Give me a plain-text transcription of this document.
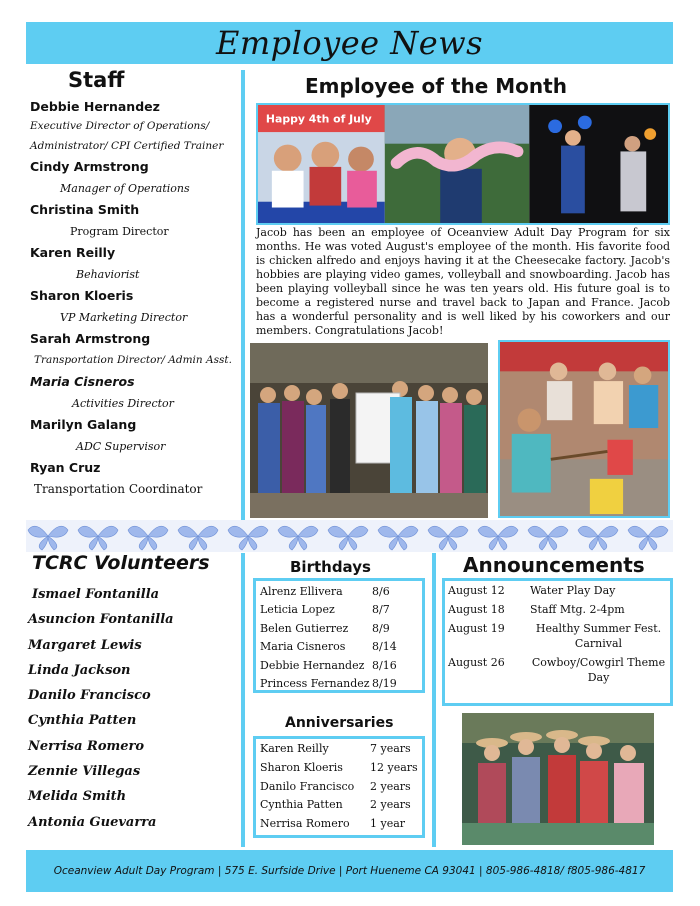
Employee News
Staff
Debbie Hernandez
Executive Director of Operations/ Administrator/ CPI Certified Trainer
Cindy Armstrong
Manager of Operations
Christina Smith
Program Director
Karen Reilly
Behaviorist
Sharon Kloeris
VP Marketing Director
Sarah Armstrong
Transportation Director/ Admin Asst.
Maria Cisneros
Activities Director
Marilyn Galang
ADC Supervisor
Ryan Cruz
Transportation Coordinator
Employee of the Month
Happy 4th of July
Jacob has been an employee of Oceanview Adult Day Program for six months. He was voted August's employee of the month. His favorite food is chicken alfredo and enjoys having it at the Cheesecake factory. Jacob's hobbies are playing video games, volleyball and snowboarding. Jacob has been playing volleyball since he was ten years old. His future goal is to become a registered nurse and travel back to Japan and France. Jacob has a wonderful personality and is well liked by his coworkers and our members. Congratulations Jacob!
TCRC Volunteers
Ismael Fontanilla
Asuncion Fontanilla
Margaret Lewis
Linda Jackson
Danilo Francisco
Cynthia Patten
Nerrisa Romero
Zennie Villegas
Melida Smith
Antonia Guevarra
Birthdays
Alrenz Ellivera	8/6
Leticia Lopez	8/7
Belen Gutierrez	8/9
Maria Cisneros	8/14
Debbie Hernandez 8/16
Princess Fernandez 8/19
Anniversaries
Karen Reilly	7 years
Sharon Kloeris	12 years
Danilo Francisco	2 years
Cynthia Patten	2 years
Nerrisa Romero	1 year
Announcements
August 12	Water Play Day
August 18	Staff Mtg. 2-4pm
August 19	Healthy Summer Fest. Carnival
August 26	Cowboy/Cowgirl Theme Day
Oceanview Adult Day Program | 575 E. Surfside Drive | Port Hueneme CA 93041 | 805-986-4818/ f805-986-4817
